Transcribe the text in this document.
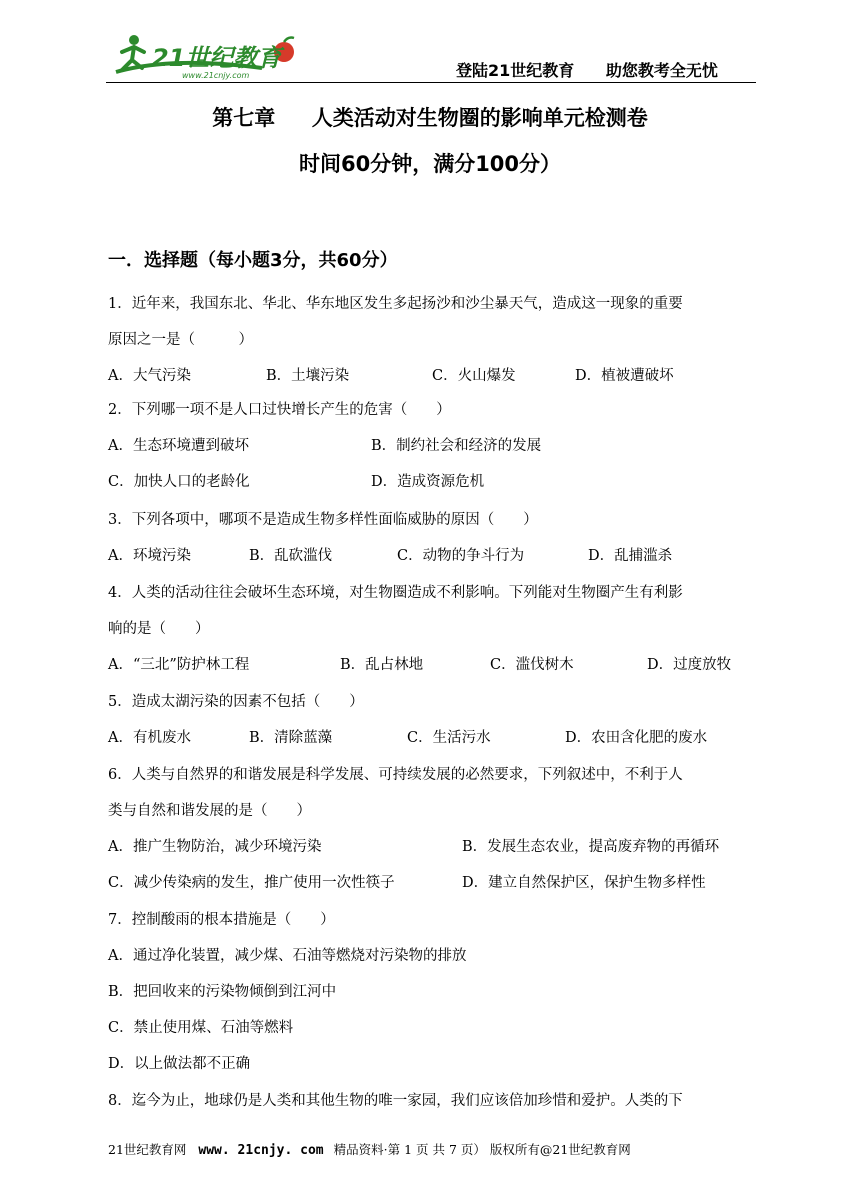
21世纪教育
www.21cnjy.com	登陆21世纪教育 助您教考全无忧
第七章     人类活动对生物圈的影响单元检测卷
时间60分钟，满分100分）
一．选择题（每小题3分，共60分）

1．近年来，我国东北、华北、华东地区发生多起扬沙和沙尘暴天气，造成这一现象的重要

原因之一是（　　　）

A．大气污染	B．土壤污染	C．火山爆发	D．植被遭破坏

2．下列哪一项不是人口过快增长产生的危害（　　）

A．生态环境遭到破坏	B．制约社会和经济的发展
C．加快人口的老龄化	D．造成资源危机

3．下列各项中，哪项不是造成生物多样性面临威胁的原因（　　）

A．环境污染	B．乱砍滥伐	C．动物的争斗行为	D．乱捕滥杀

4．人类的活动往往会破坏生态环境，对生物圈造成不利影响。下列能对生物圈产生有利影

响的是（　　）

A．“三北”防护林工程	B．乱占林地	C．滥伐树木	D．过度放牧

5．造成太湖污染的因素不包括（　　）

A．有机废水	B．清除蓝藻	C．生活污水	D．农田含化肥的废水

6．人类与自然界的和谐发展是科学发展、可持续发展的必然要求，下列叙述中，不利于人

类与自然和谐发展的是（　　）

A．推广生物防治，减少环境污染	B．发展生态农业，提高废弃物的再循环
C．减少传染病的发生，推广使用一次性筷子	D．建立自然保护区，保护生物多样性

7．控制酸雨的根本措施是（　　）

A．通过净化装置，减少煤、石油等燃烧对污染物的排放

B．把回收来的污染物倾倒到江河中

C．禁止使用煤、石油等燃料

D．以上做法都不正确

8．迄今为止，地球仍是人类和其他生物的唯一家园，我们应该倍加珍惜和爱护。人类的下

21世纪教育网 www. 21cnjy. com 精品资料·第 1 页 共 7 页） 版权所有@21世纪教育网
